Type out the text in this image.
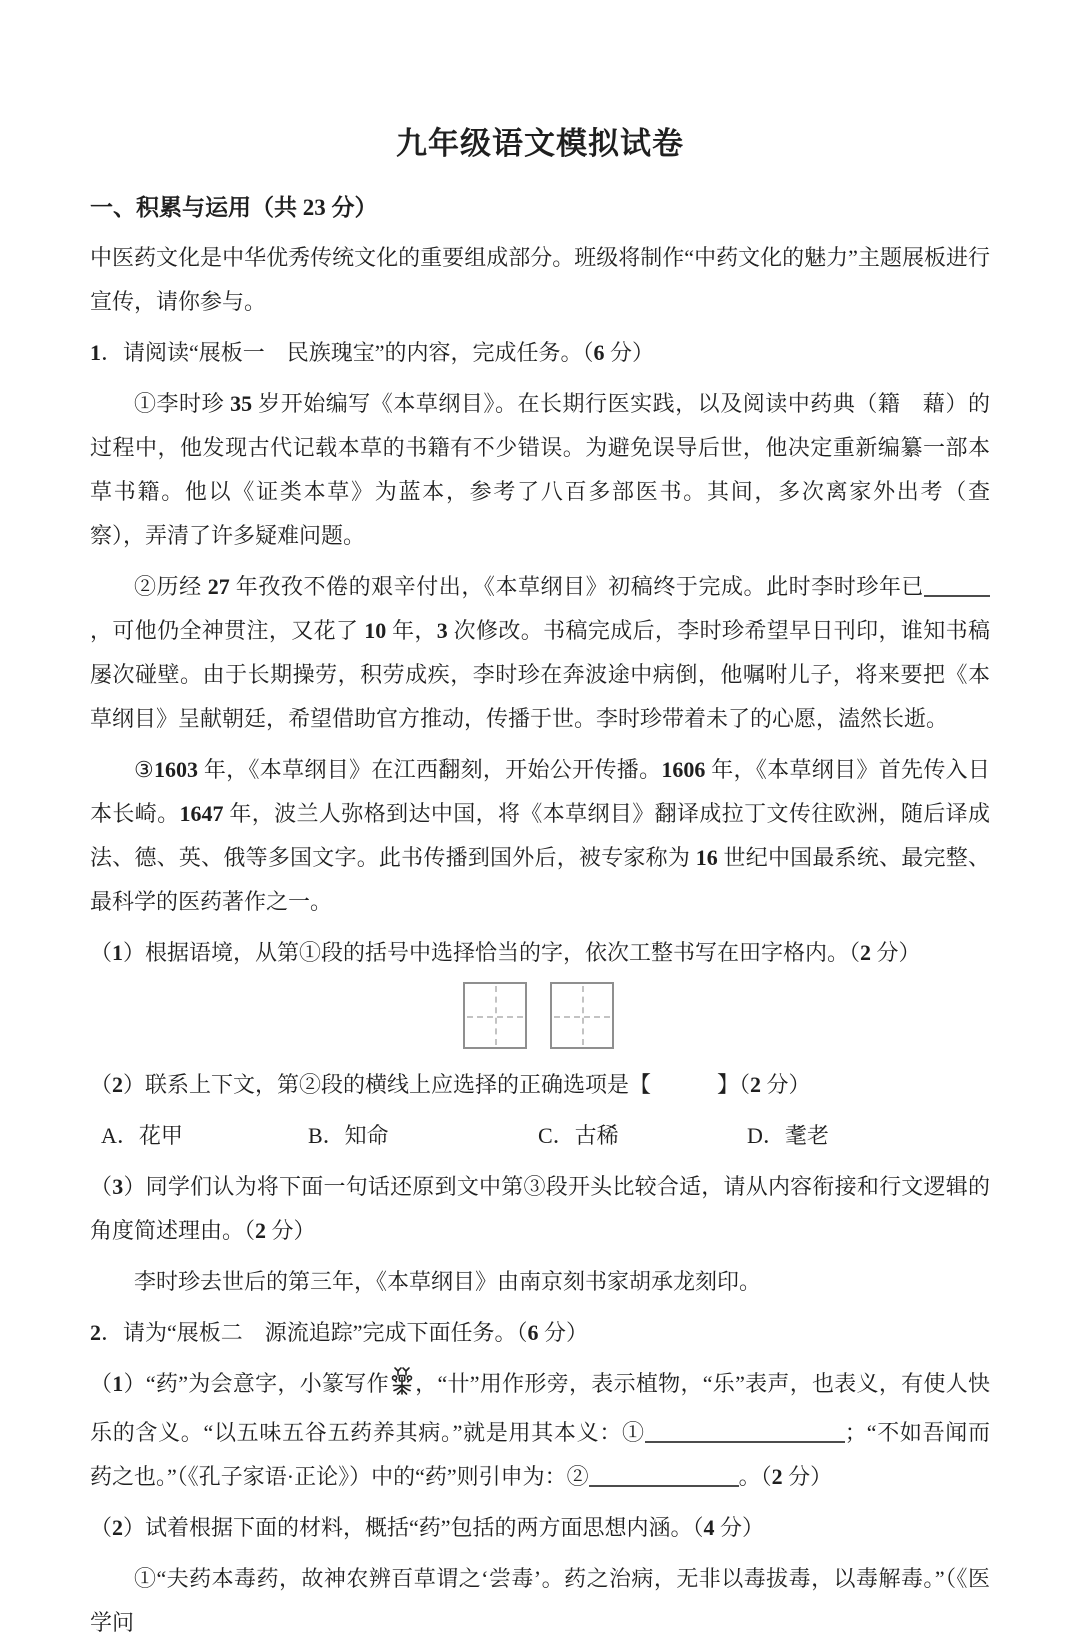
九年级语文模拟试卷
一、积累与运用（共 23 分）

中医药文化是中华优秀传统文化的重要组成部分。班级将制作“中药文化的魅力”主题展板进行宣传，请你参与。

1．请阅读“展板一　民族瑰宝”的内容，完成任务。（6 分）

①李时珍 35 岁开始编写《本草纲目》。在长期行医实践，以及阅读中药典（籍　藉）的过程中，他发现古代记载本草的书籍有不少错误。为避免误导后世，他决定重新编纂一部本草书籍。他以《证类本草》为蓝本，参考了八百多部医书。其间，多次离家外出考（查　察），弄清了许多疑难问题。

②历经 27 年孜孜不倦的艰辛付出，《本草纲目》初稿终于完成。此时李时珍年已，可他仍全神贯注，又花了 10 年，3 次修改。书稿完成后，李时珍希望早日刊印，谁知书稿屡次碰壁。由于长期操劳，积劳成疾，李时珍在奔波途中病倒，他嘱咐儿子，将来要把《本草纲目》呈献朝廷，希望借助官方推动，传播于世。李时珍带着未了的心愿，溘然长逝。

③1603 年，《本草纲目》在江西翻刻，开始公开传播。1606 年，《本草纲目》首先传入日本长崎。1647 年，波兰人弥格到达中国，将《本草纲目》翻译成拉丁文传往欧洲，随后译成法、德、英、俄等多国文字。此书传播到国外后，被专家称为 16 世纪中国最系统、最完整、最科学的医药著作之一。

（1）根据语境，从第①段的括号中选择恰当的字，依次工整书写在田字格内。（2 分）

（2）联系上下文，第②段的横线上应选择的正确选项是【　　　】（2 分）

A．花甲	B．知命	C．古稀	D．耄老

（3）同学们认为将下面一句话还原到文中第③段开头比较合适，请从内容衔接和行文逻辑的角度简述理由。（2 分）

李时珍去世后的第三年，《本草纲目》由南京刻书家胡承龙刻印。

2．请为“展板二　源流追踪”完成下面任务。（6 分）

（1）“药”为会意字，小篆写作 ，“卄”用作形旁，表示植物，“乐”表声，也表义，有使人快乐的含义。“以五味五谷五药养其病。”就是用其本义：①	；“不如吾闻而药之也。”（《孔子家语·正论》）中的“药”则引申为：②	。（2 分）

（2）试着根据下面的材料，概括“药”包括的两方面思想内涵。（4 分）

①“夫药本毒药，故神农辨百草谓之‘尝毒’。药之治病，无非以毒拔毒，以毒解毒。”（《医学问
